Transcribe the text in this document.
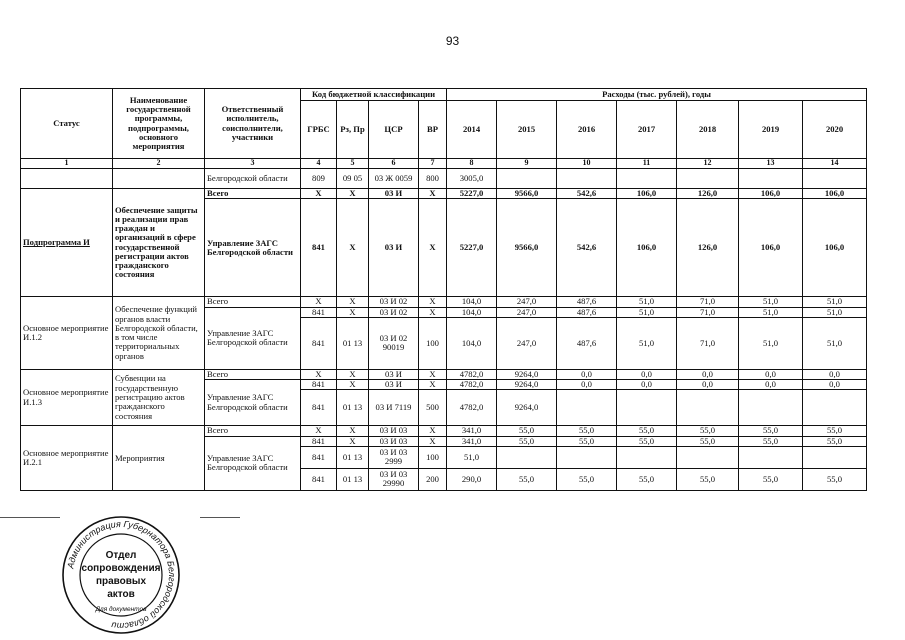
93
Статус	Наименование государственной программы, подпрограммы, основного мероприятия	Ответственный исполнитель, соисполнители, участники	Код бюджетной классификации				Расходы (тыс. рублей), годы						
			ГРБС	Рз, Пр	ЦСР	ВР	2014	2015	2016	2017	2018	2019	2020
1	2	3	4	5	6	7	8	9	10	11	12	13	14
		Белгородской области	809	09 05	03 Ж 0059	800	3005,0						
Подпрограмма И	Обеспечение защиты и реализации прав граждан и организаций в сфере государственной регистрации актов гражданского состояния	Всего	X	X	03 И	X	5227,0	9566,0	542,6	106,0	126,0	106,0	106,0
		Управление ЗАГС Белгородской области	841	X	03 И	X	5227,0	9566,0	542,6	106,0	126,0	106,0	106,0
Основное мероприятие И.1.2	Обеспечение функций органов власти Белгородской области, в том числе территориальных органов	Всего	X	X	03 И 02	X	104,0	247,0	487,6	51,0	71,0	51,0	51,0
		Управление ЗАГС Белгородской области	841	X	03 И 02	X	104,0	247,0	487,6	51,0	71,0	51,0	51,0
			841	01 13	03 И 02 90019	100	104,0	247,0	487,6	51,0	71,0	51,0	51,0
Основное мероприятие И.1.3	Субвенции на государственную регистрацию актов гражданского состояния	Всего	X	X	03 И	X	4782,0	9264,0	0,0	0,0	0,0	0,0	0,0
		Управление ЗАГС Белгородской области	841	X	03 И	X	4782,0	9264,0	0,0	0,0	0,0	0,0	0,0
			841	01 13	03 И 7119	500	4782,0	9264,0					
Основное мероприятие И.2.1	Мероприятия	Всего	X	X	03 И 03	X	341,0	55,0	55,0	55,0	55,0	55,0	55,0
		Управление ЗАГС Белгородской области	841	X	03 И 03	X	341,0	55,0	55,0	55,0	55,0	55,0	55,0
			841	01 13	03 И 03 2999	100	51,0						
			841	01 13	03 И 03 29990	200	290,0	55,0	55,0	55,0	55,0	55,0	55,0
Администрация Губернатора Белгородской области
Отдел
сопровождения
правовых
актов
Для документов
